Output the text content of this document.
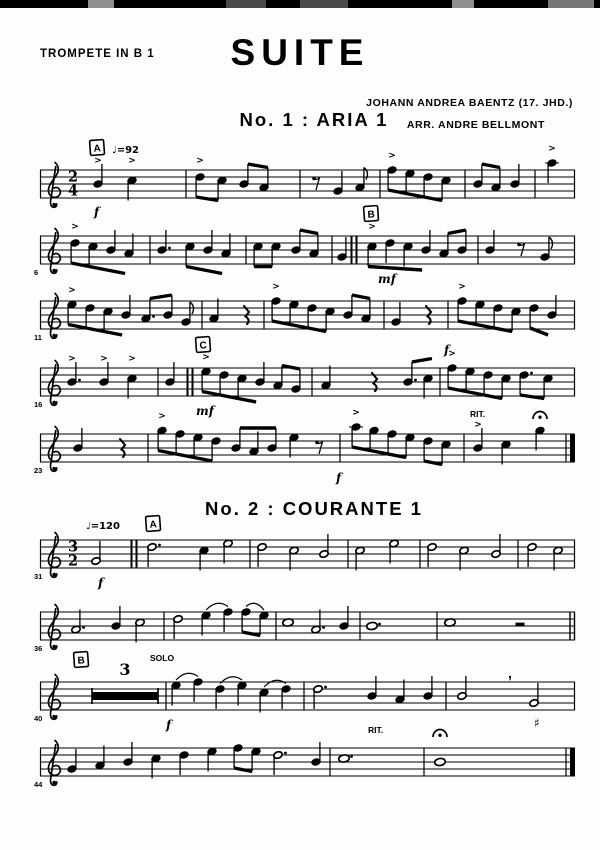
TROMPETE IN B 1	SUITE
JOHANN ANDREA BAENTZ (17. JHD.)
No. 1 : ARIA 1	ARR. ANDRE BELLMONT
No. 2 : COURANTE 1
2
4
>	>	>	>
>
A ♩=92
f
>	>
B
mf
6
>	>	>
11
>	> >	>	>
C	f
16
>	>
>
mf
f
RIT.
23
3
2
A
♩=120
f
31
36
3
B	SOLO
f
,
♯
40
RIT.
44
